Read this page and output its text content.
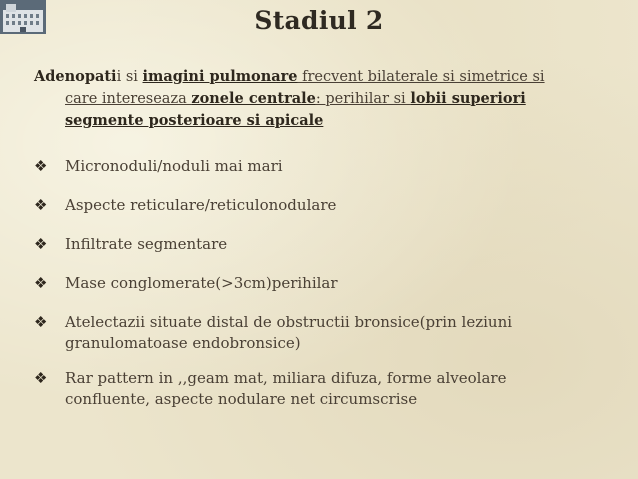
Stadiul 2
Adenopatii si imagini pulmonare frecvent bilaterale si simetrice si
care intereseaza zonele centrale: perihilar si lobii superiori
segmente posterioare si apicale
❖ Micronoduli/noduli mai mari
❖ Aspecte reticulare/reticulonodulare
❖ Infiltrate segmentare
❖ Mase conglomerate(>3cm)perihilar
❖ Atelectazii situate distal de obstructii bronsice(prin leziuni granulomatoase endobronsice)
❖ Rar pattern in ,,geam mat, miliara difuza, forme alveolare confluente, aspecte nodulare net circumscrise
